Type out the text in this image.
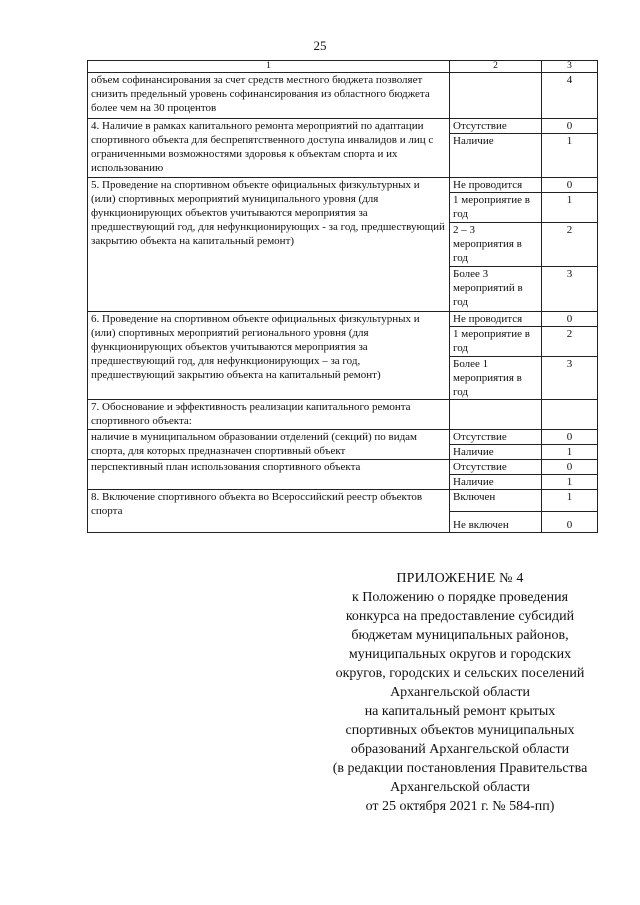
25
1	2	3
объем софинансирования за счет средств местного бюджета позволяет снизить предельный уровень софинансирования из областного бюджета более чем на 30 процентов		4
4. Наличие в рамках капитального ремонта мероприятий по адаптации спортивного объекта для беспрепятственного доступа инвалидов и лиц с ограниченными возможностями здоровья к объектам спорта и их использованию	Отсутствие	0
	Наличие	1
5. Проведение на спортивном объекте официальных физкультурных и (или) спортивных мероприятий муниципального уровня (для функционирующих объектов учитываются мероприятия за предшествующий год, для нефункционирующих - за год, предшествующий закрытию объекта на капитальный ремонт)	Не проводится	0
	1 мероприятие в год	1
	2 – 3 мероприятия в год	2
	Более 3 мероприятий в год	3
6. Проведение на спортивном объекте официальных физкультурных и (или) спортивных мероприятий регионального уровня (для функционирующих объектов учитываются мероприятия за предшествующий год, для нефункционирующих – за год, предшествующий закрытию объекта на капитальный ремонт)	Не проводится	0
	1 мероприятие в год	2
	Более 1 мероприятия в год	3
7. Обоснование и эффективность реализации капитального ремонта спортивного объекта:		
наличие в муниципальном образовании отделений (секций) по видам спорта, для которых предназначен спортивный объект	Отсутствие	0
	Наличие	1
перспективный план использования спортивного объекта	Отсутствие	0
	Наличие	1
8. Включение спортивного объекта во Всероссийский реестр объектов спорта	Включен	1
	Не включен	0
ПРИЛОЖЕНИЕ № 4
к Положению о порядке проведения
конкурса на предоставление субсидий
бюджетам муниципальных районов,
муниципальных округов и городских
округов, городских и сельских поселений
Архангельской области
на капитальный ремонт крытых
спортивных объектов муниципальных
образований Архангельской области
(в редакции постановления Правительства
Архангельской области
от 25 октября 2021 г. № 584-пп)
